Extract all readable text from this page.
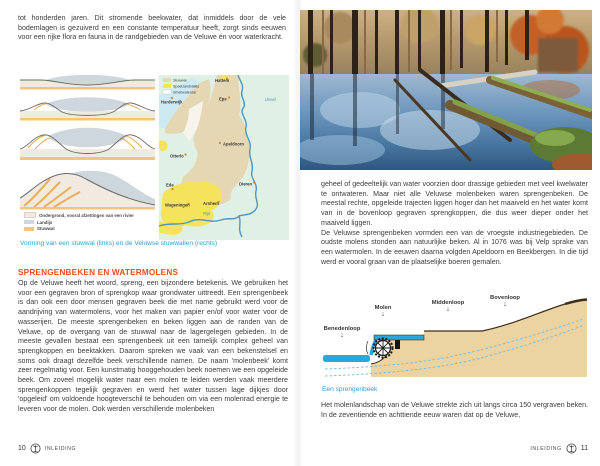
tot honderden jaren. Dit stromende beekwater, dat inmiddels door de vele bodemlagen is gezuiverd en een constante temperatuur heeft, zorgt sinds eeuwen voor een rijke flora en fauna in de randgebieden van de Veluwe én voor waterkracht.
Ondergrond, vooral afzettingen van een rivier
Landijs
Stuwwal
Stuwwal
Spoelzandvlakte
Smeltwaterdal
Hattem
Harderwijk
Epe
Apeldoorn
Otterlo
Ede
Wageningen	Arnhem
Dieren
IJssel
Rijn
Vorming van een stuwwal (links) en de Veluwse stuwwallen (rechts)
SPRENGENBEKEN EN WATERMOLENS
Op de Veluwe heeft het woord, spreng, een bijzondere betekenis. We gebruiken het voor een gegraven bron of sprengkop waar grondwater uittreedt. Een sprengenbeek is dan ook een door mensen gegraven beek die met name gebruikt werd voor de aandrijving van watermolens, voor het maken van papier en/of voor water voor de wasserijen. De meeste sprengenbeken en beken liggen aan de randen van de Veluwe, op de overgang van de stuwwal naar de lagergelegen gebieden. In de meeste gevallen bestaat een sprengenbeek uit een tamelijk complex geheel van sprengkoppen en beektakken. Daarom spreken we vaak van een bekenstelsel en soms ook draagt dezelfde beek verschillende namen. De naam 'molenbeek' komt zeer regelmatig voor. Een kunstmatig hooggehouden beek noemen we een opgeleide beek. Om zoveel mogelijk water naar een molen te leiden werden vaak meerdere sprengenkoppen tegelijk gegraven en werd het water tussen lage dijkjes door 'opgeleid' om voldoende hoogteverschil te behouden om via een molenrad energie te leveren voor de molen. Ook werden verschillende molenbeken
10	INLEIDING

geheel of gedeeltelijk van water voorzien door drassige gebieden met veel kwelwater te ontwateren. Maar niet alle Veluwse molenbeken waren sprengenbeken. De meestal rechte, opgeleide trajecten liggen hoger dan het maaiveld en het water komt van in de bovenloop gegraven sprengkoppen, die dus weer dieper onder het maaiveld liggen.

De Veluwse sprengenbeken vormden een van de vroegste industriegebieden. De oudste molens stonden aan natuurlijke beken. Al in 1076 was bij Velp sprake van een watermolen. In de eeuwen daarna volgden Apeldoorn en Beekbergen. In die tijd werd er vooral graan van de plaatselijke boeren gemalen.

Benedenloop
↓
Molen
↓
Middenloop
↓
Bovenloop
↓
Een sprengenbeek
Het molenlandschap van de Veluwe strekte zich uit langs circa 150 vergraven beken. In de zeventiende en achttiende eeuw waren dat op de Veluwe,
INLEIDING	11
